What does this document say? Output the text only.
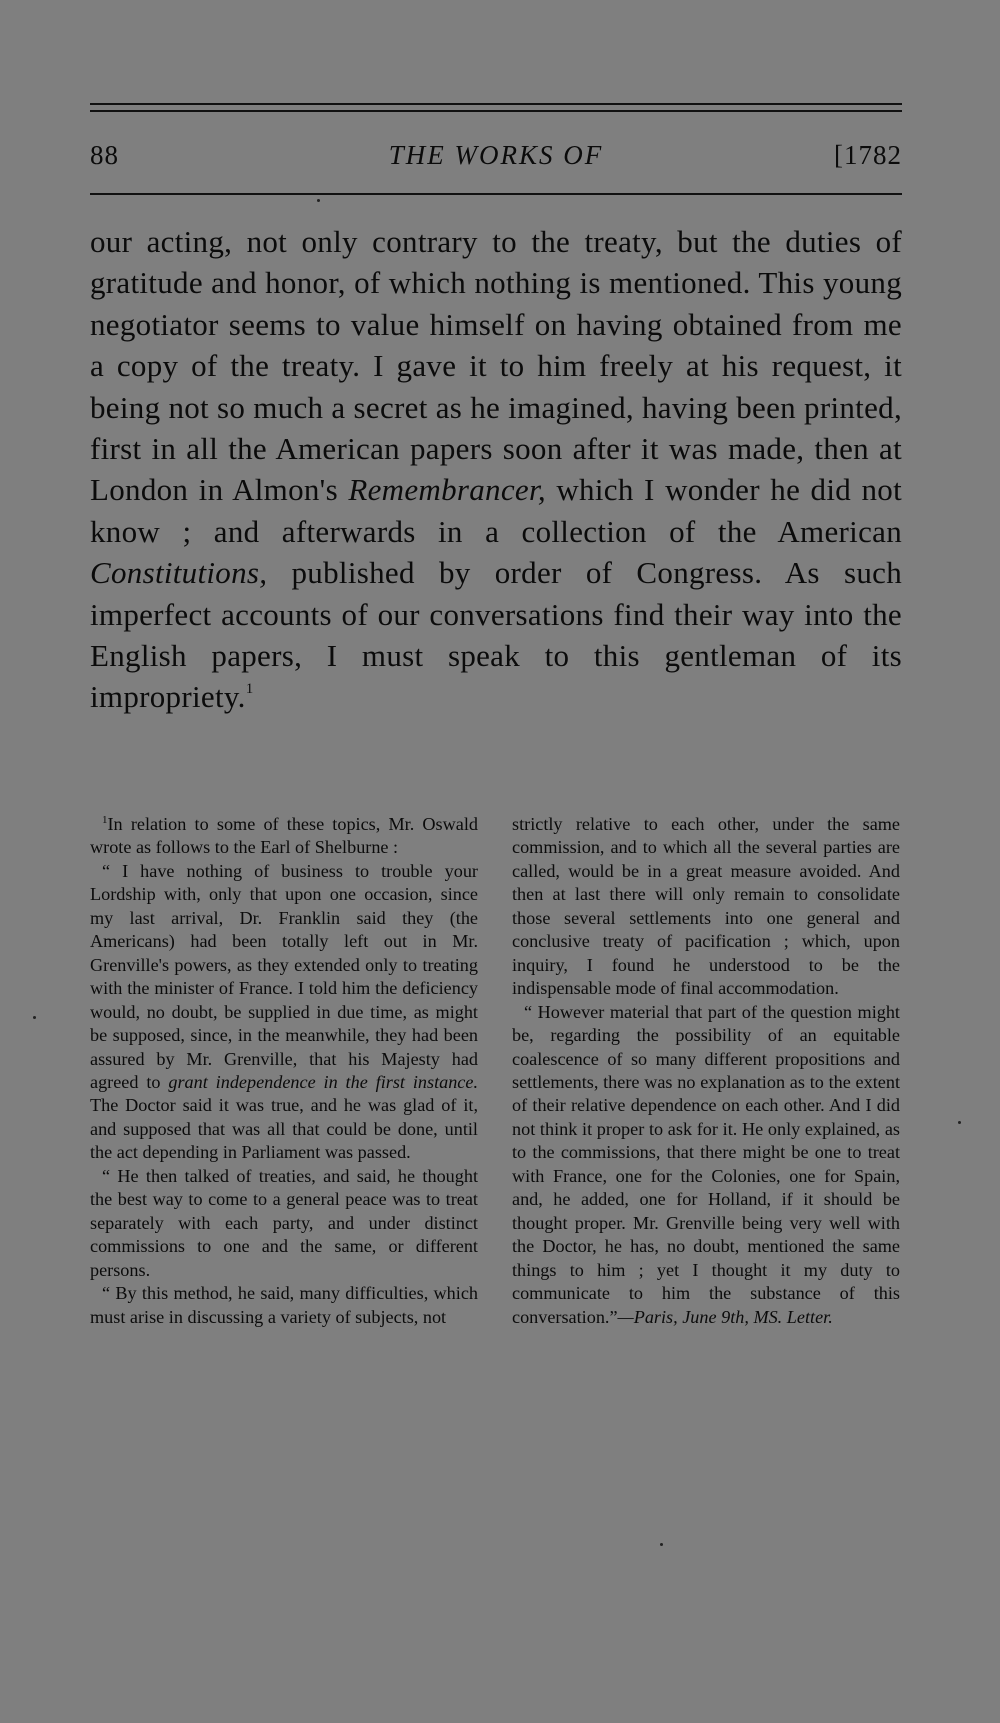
88	THE WORKS OF	[1782

our acting, not only contrary to the treaty, but the duties of gratitude and honor, of which nothing is mentioned. This young negotiator seems to value himself on having obtained from me a copy of the treaty. I gave it to him freely at his request, it being not so much a secret as he imagined, having been printed, first in all the American papers soon after it was made, then at London in Almon's Remembrancer, which I wonder he did not know ; and afterwards in a collection of the American Constitutions, published by order of Congress. As such imperfect accounts of our conversations find their way into the English papers, I must speak to this gentleman of its impropriety.$^1$

$^1$In relation to some of these topics, Mr. Oswald wrote as follows to the Earl of Shelburne :

“ I have nothing of business to trouble your Lordship with, only that upon one occasion, since my last arrival, Dr. Franklin said they (the Americans) had been totally left out in Mr. Grenville's powers, as they extended only to treating with the minister of France. I told him the deficiency would, no doubt, be supplied in due time, as might be supposed, since, in the meanwhile, they had been assured by Mr. Grenville, that his Majesty had agreed to grant independence in the first instance. The Doctor said it was true, and he was glad of it, and supposed that was all that could be done, until the act depending in Parliament was passed.

“ He then talked of treaties, and said, he thought the best way to come to a general peace was to treat separately with each party, and under distinct commissions to one and the same, or different persons.

“ By this method, he said, many difficulties, which must arise in discussing a variety of subjects, not

strictly relative to each other, under the same commission, and to which all the several parties are called, would be in a great measure avoided. And then at last there will only remain to consolidate those several settlements into one general and conclusive treaty of pacification ; which, upon inquiry, I found he understood to be the indispensable mode of final accommodation.

“ However material that part of the question might be, regarding the possibility of an equitable coalescence of so many different propositions and settlements, there was no explanation as to the extent of their relative dependence on each other. And I did not think it proper to ask for it. He only explained, as to the commissions, that there might be one to treat with France, one for the Colonies, one for Spain, and, he added, one for Holland, if it should be thought proper. Mr. Grenville being very well with the Doctor, he has, no doubt, mentioned the same things to him ; yet I thought it my duty to communicate to him the substance of this conversation.”—Paris, June 9th, MS. Letter.
